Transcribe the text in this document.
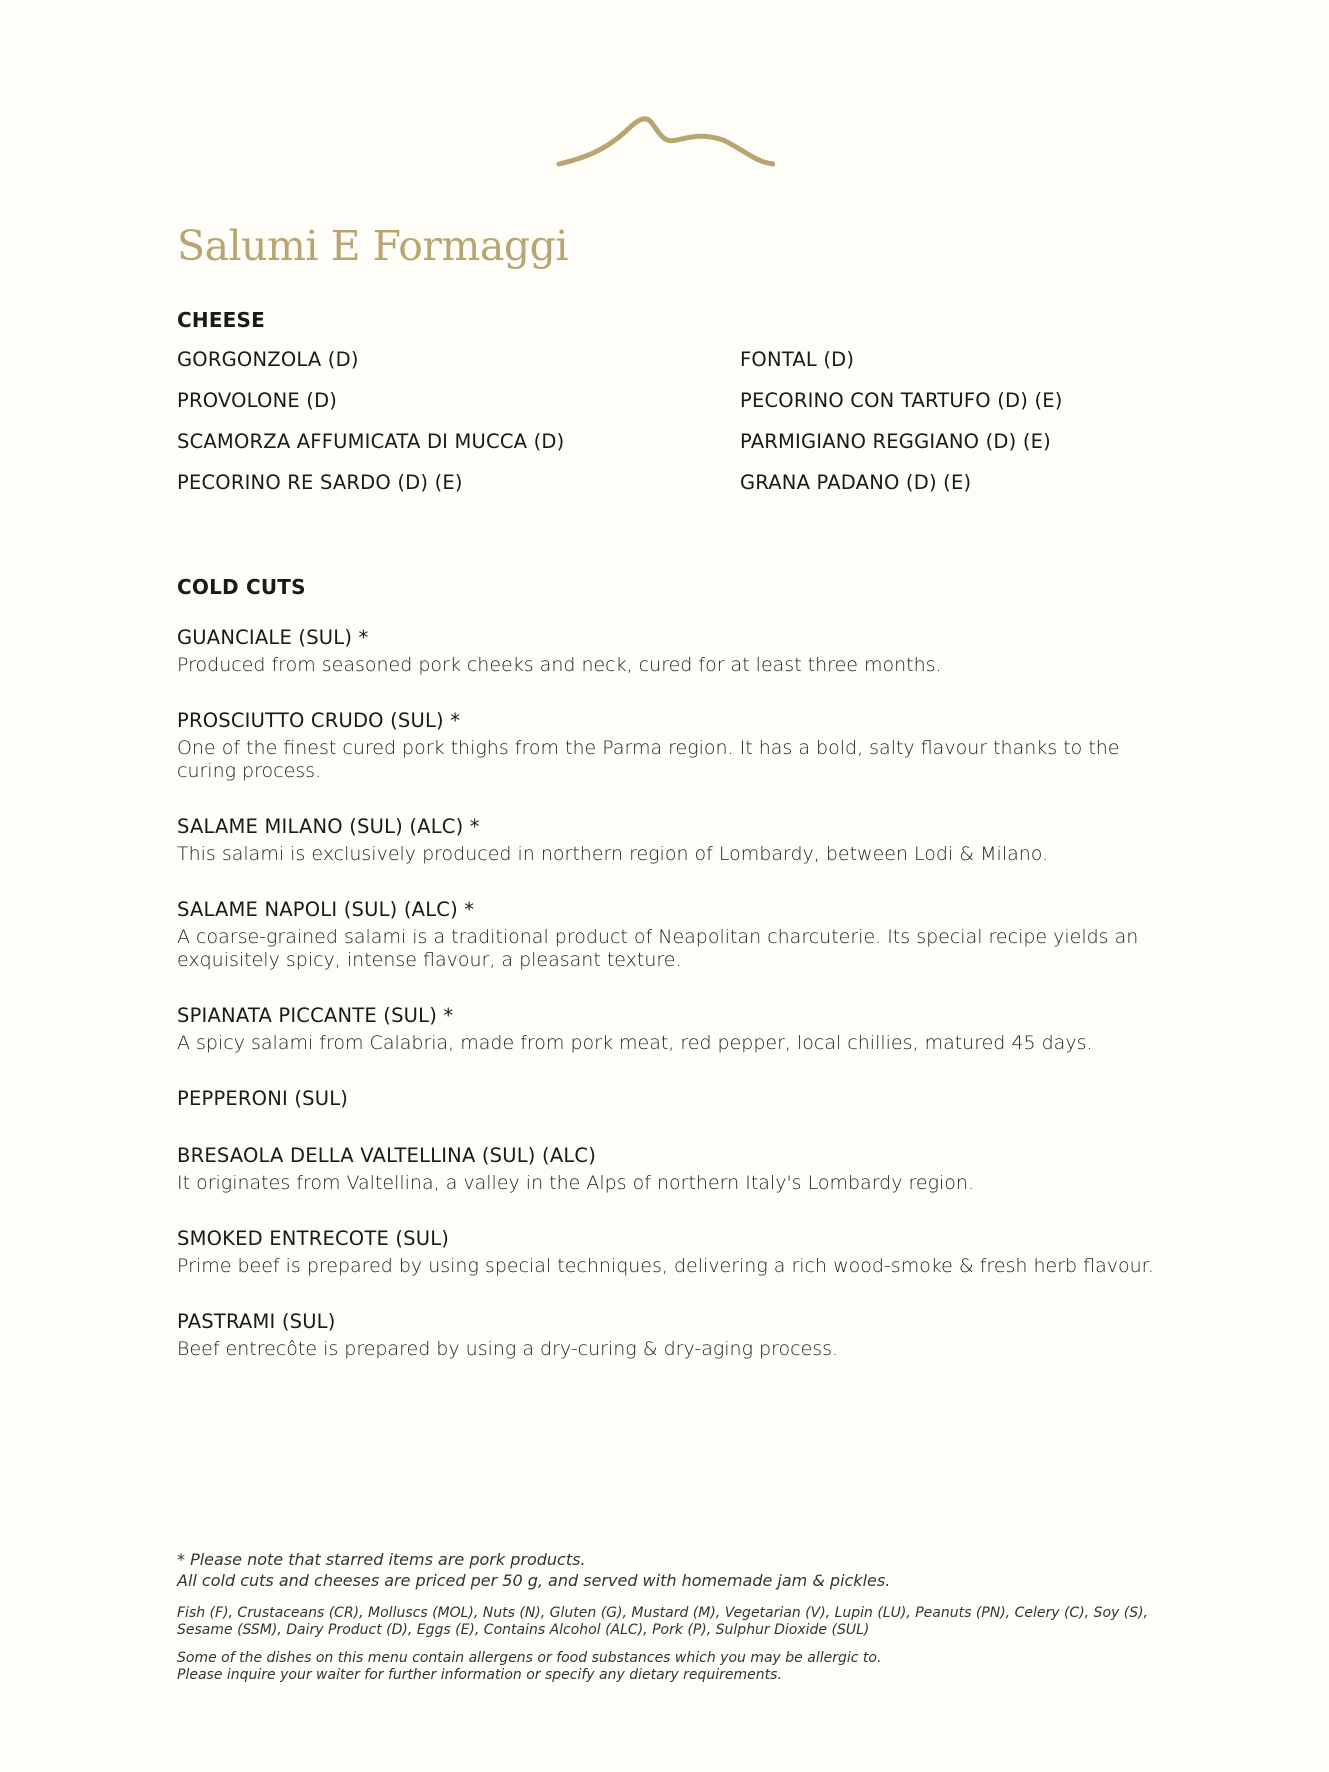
Salumi E Formaggi
CHEESE
GORGONZOLA (D)	FONTAL (D)
PROVOLONE (D)	PECORINO CON TARTUFO (D) (E)
SCAMORZA AFFUMICATA DI MUCCA (D)	PARMIGIANO REGGIANO (D) (E)
PECORINO RE SARDO (D) (E)	GRANA PADANO (D) (E)
COLD CUTS
GUANCIALE (SUL) *
Produced from seasoned pork cheeks and neck, cured for at least three months.
PROSCIUTTO CRUDO (SUL) *
One of the finest cured pork thighs from the Parma region. It has a bold, salty flavour thanks to the curing process.
SALAME MILANO (SUL) (ALC) *
This salami is exclusively produced in northern region of Lombardy, between Lodi & Milano.
SALAME NAPOLI (SUL) (ALC) *
A coarse-grained salami is a traditional product of Neapolitan charcuterie. Its special recipe yields an exquisitely spicy, intense flavour, a pleasant texture.
SPIANATA PICCANTE (SUL) *
A spicy salami from Calabria, made from pork meat, red pepper, local chillies, matured 45 days.
PEPPERONI (SUL)
BRESAOLA DELLA VALTELLINA (SUL) (ALC)
It originates from Valtellina, a valley in the Alps of northern Italy's Lombardy region.
SMOKED ENTRECOTE (SUL)
Prime beef is prepared by using special techniques, delivering a rich wood-smoke & fresh herb flavour.
PASTRAMI (SUL)
Beef entrecôte is prepared by using a dry-curing & dry-aging process.
* Please note that starred items are pork products.
All cold cuts and cheeses are priced per 50 g, and served with homemade jam & pickles.
Fish (F), Crustaceans (CR), Molluscs (MOL), Nuts (N), Gluten (G), Mustard (M), Vegetarian (V), Lupin (LU), Peanuts (PN), Celery (C), Soy (S), Sesame (SSM), Dairy Product (D), Eggs (E), Contains Alcohol (ALC), Pork (P), Sulphur Dioxide (SUL)
Some of the dishes on this menu contain allergens or food substances which you may be allergic to.
Please inquire your waiter for further information or specify any dietary requirements.
